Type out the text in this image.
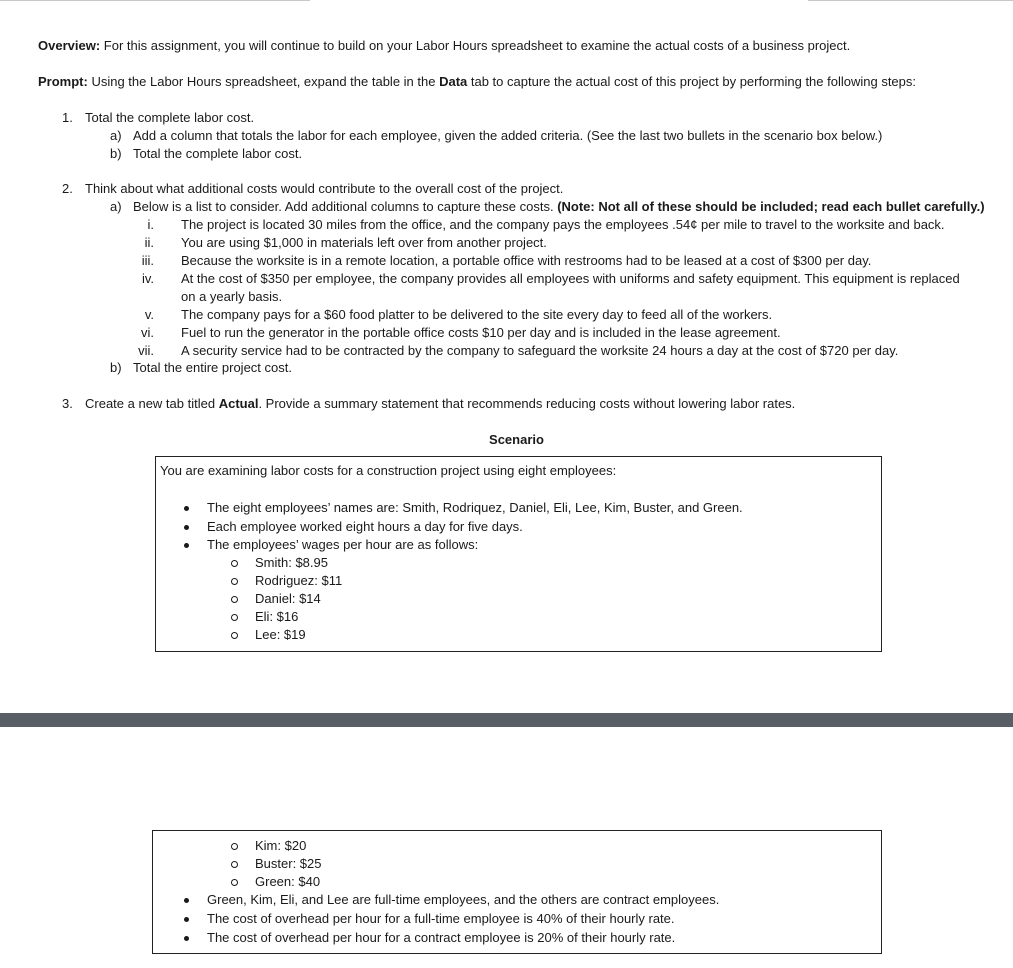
Overview: For this assignment, you will continue to build on your Labor Hours spreadsheet to examine the actual costs of a business project.
Prompt: Using the Labor Hours spreadsheet, expand the table in the Data tab to capture the actual cost of this project by performing the following steps:
1. Total the complete labor cost.
a) Add a column that totals the labor for each employee, given the added criteria. (See the last two bullets in the scenario box below.)
b) Total the complete labor cost.
2. Think about what additional costs would contribute to the overall cost of the project.
a) Below is a list to consider. Add additional columns to capture these costs. (Note: Not all of these should be included; read each bullet carefully.)
i. The project is located 30 miles from the office, and the company pays the employees .54¢ per mile to travel to the worksite and back.
ii. You are using $1,000 in materials left over from another project.
iii. Because the worksite is in a remote location, a portable office with restrooms had to be leased at a cost of $300 per day.
iv. At the cost of $350 per employee, the company provides all employees with uniforms and safety equipment. This equipment is replaced
on a yearly basis.
v. The company pays for a $60 food platter to be delivered to the site every day to feed all of the workers.
vi. Fuel to run the generator in the portable office costs $10 per day and is included in the lease agreement.
vii. A security service had to be contracted by the company to safeguard the worksite 24 hours a day at the cost of $720 per day.
b) Total the entire project cost.
3. Create a new tab titled Actual. Provide a summary statement that recommends reducing costs without lowering labor rates.
Scenario
You are examining labor costs for a construction project using eight employees:
The eight employees’ names are: Smith, Rodriquez, Daniel, Eli, Lee, Kim, Buster, and Green.
Each employee worked eight hours a day for five days.
The employees’ wages per hour are as follows:
Smith: $8.95
Rodriguez: $11
Daniel: $14
Eli: $16
Lee: $19
Kim: $20
Buster: $25
Green: $40
Green, Kim, Eli, and Lee are full-time employees, and the others are contract employees.
The cost of overhead per hour for a full-time employee is 40% of their hourly rate.
The cost of overhead per hour for a contract employee is 20% of their hourly rate.
